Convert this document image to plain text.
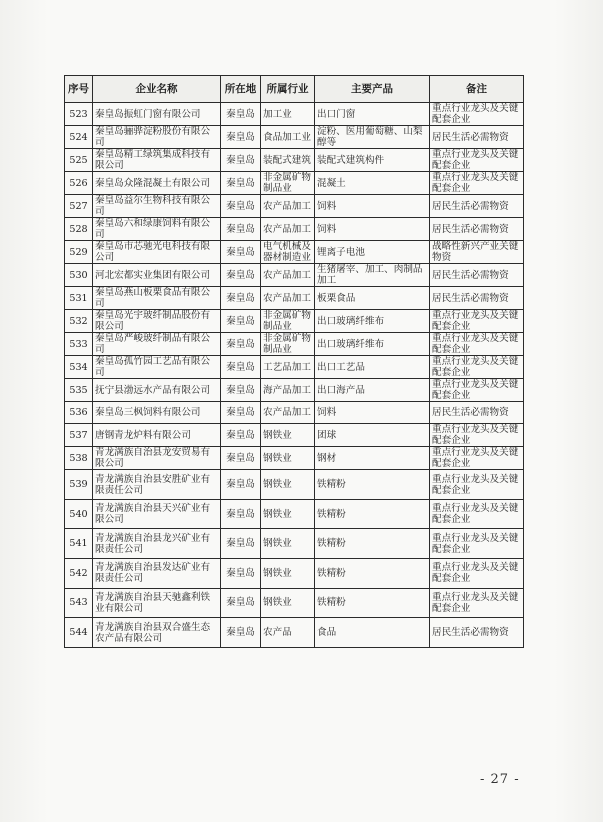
序号	企业名称	所在地	所属行业	主要产品	备注
523	秦皇岛振虹门窗有限公司	秦皇岛	加工业	出口门窗	重点行业龙头及关键配套企业
524	秦皇岛骊骅淀粉股份有限公司	秦皇岛	食品加工业	淀粉、医用葡萄糖、山梨醇等	居民生活必需物资
525	秦皇岛精工绿筑集成科技有限公司	秦皇岛	装配式建筑	装配式建筑构件	重点行业龙头及关键配套企业
526	秦皇岛众隆混凝土有限公司	秦皇岛	非金属矿物制品业	混凝土	重点行业龙头及关键配套企业
527	秦皇岛益尔生物科技有限公司	秦皇岛	农产品加工	饲料	居民生活必需物资
528	秦皇岛六和绿康饲料有限公司	秦皇岛	农产品加工	饲料	居民生活必需物资
529	秦皇岛市芯驰光电科技有限公司	秦皇岛	电气机械及器材制造业	锂离子电池	战略性新兴产业关键物资
530	河北宏都实业集团有限公司	秦皇岛	农产品加工	生猪屠宰、加工、肉制品加工	居民生活必需物资
531	秦皇岛燕山板栗食品有限公司	秦皇岛	农产品加工	板栗食品	居民生活必需物资
532	秦皇岛光宇玻纤制品股份有限公司	秦皇岛	非金属矿物制品业	出口玻璃纤维布	重点行业龙头及关键配套企业
533	秦皇岛严峻玻纤制品有限公司	秦皇岛	非金属矿物制品业	出口玻璃纤维布	重点行业龙头及关键配套企业
534	秦皇岛孤竹园工艺品有限公司	秦皇岛	工艺品加工	出口工艺品	重点行业龙头及关键配套企业
535	抚宁县渤远水产品有限公司	秦皇岛	海产品加工	出口海产品	重点行业龙头及关键配套企业
536	秦皇岛三枫饲料有限公司	秦皇岛	农产品加工	饲料	居民生活必需物资
537	唐钢青龙炉料有限公司	秦皇岛	钢铁业	团球	重点行业龙头及关键配套企业
538	青龙满族自治县龙安贸易有限公司	秦皇岛	钢铁业	钢材	重点行业龙头及关键配套企业
539	青龙满族自治县安胜矿业有限责任公司	秦皇岛	钢铁业	铁精粉	重点行业龙头及关键配套企业
540	青龙满族自治县天兴矿业有限公司	秦皇岛	钢铁业	铁精粉	重点行业龙头及关键配套企业
541	青龙满族自治县龙兴矿业有限责任公司	秦皇岛	钢铁业	铁精粉	重点行业龙头及关键配套企业
542	青龙满族自治县发达矿业有限责任公司	秦皇岛	钢铁业	铁精粉	重点行业龙头及关键配套企业
543	青龙满族自治县天驰鑫利铁业有限公司	秦皇岛	钢铁业	铁精粉	重点行业龙头及关键配套企业
544	青龙满族自治县双合盛生态农产品有限公司	秦皇岛	农产品	食品	居民生活必需物资
- 27 -
